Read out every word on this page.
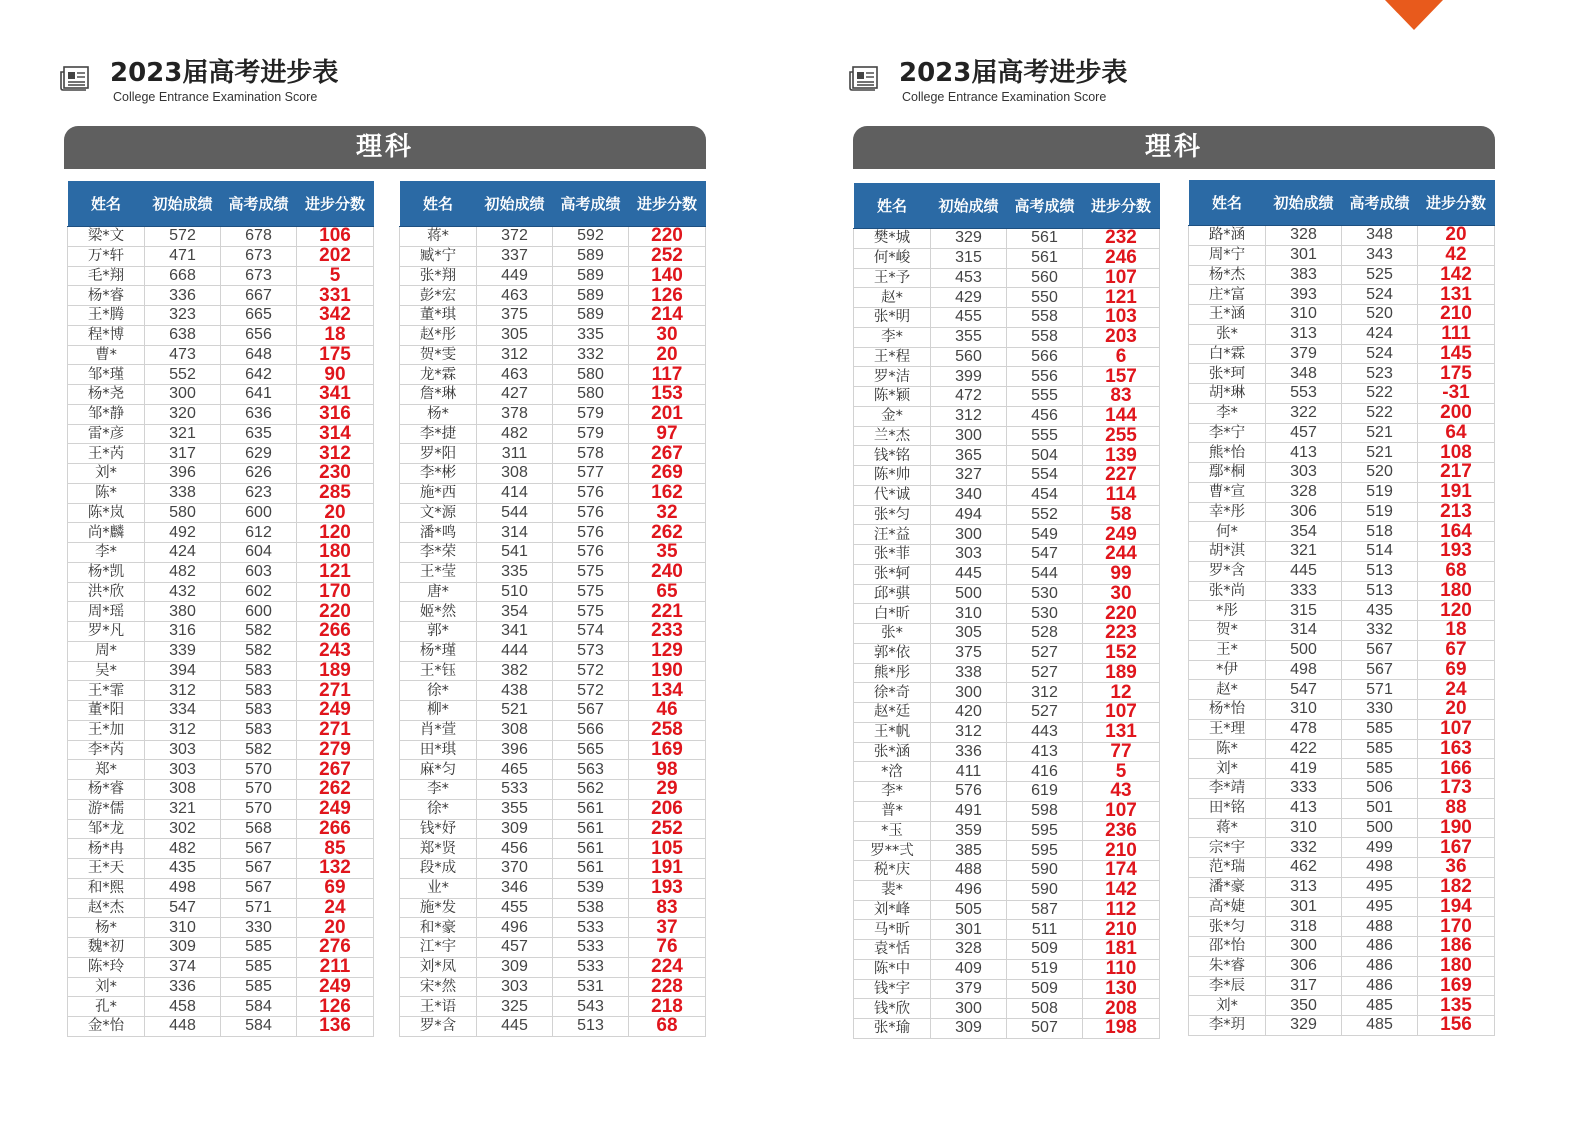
2023届高考进步表
College Entrance Examination Score
理科
姓名	初始成绩	高考成绩	进步分数
梁*文	572	678	106
万*轩	471	673	202
毛*翔	668	673	5
杨*睿	336	667	331
王*腾	323	665	342
程*博	638	656	18
曹*	473	648	175
邹*瑾	552	642	90
杨*尧	300	641	341
邹*静	320	636	316
雷*彦	321	635	314
王*芮	317	629	312
刘*	396	626	230
陈*	338	623	285
陈*岚	580	600	20
尚*麟	492	612	120
李*	424	604	180
杨*凯	482	603	121
洪*欣	432	602	170
周*瑶	380	600	220
罗*凡	316	582	266
周*	339	582	243
吴*	394	583	189
王*霏	312	583	271
董*阳	334	583	249
王*加	312	583	271
李*芮	303	582	279
郑*	303	570	267
杨*睿	308	570	262
游*儒	321	570	249
邹*龙	302	568	266
杨*冉	482	567	85
王*天	435	567	132
和*熙	498	567	69
赵*杰	547	571	24
杨*	310	330	20
魏*初	309	585	276
陈*玲	374	585	211
刘*	336	585	249
孔*	458	584	126
金*怡	448	584	136
姓名	初始成绩	高考成绩	进步分数
蒋*	372	592	220
臧*宁	337	589	252
张*翔	449	589	140
彭*宏	463	589	126
董*琪	375	589	214
赵*彤	305	335	30
贺*雯	312	332	20
龙*霖	463	580	117
詹*琳	427	580	153
杨*	378	579	201
李*捷	482	579	97
罗*阳	311	578	267
李*彬	308	577	269
施*西	414	576	162
文*源	544	576	32
潘*鸣	314	576	262
李*荣	541	576	35
王*莹	335	575	240
唐*	510	575	65
姬*然	354	575	221
郭*	341	574	233
杨*瑾	444	573	129
王*钰	382	572	190
徐*	438	572	134
柳*	521	567	46
肖*萱	308	566	258
田*琪	396	565	169
麻*匀	465	563	98
李*	533	562	29
徐*	355	561	206
钱*妤	309	561	252
郑*贤	456	561	105
段*成	370	561	191
业*	346	539	193
施*发	455	538	83
和*豪	496	533	37
江*宇	457	533	76
刘*凤	309	533	224
宋*然	303	531	228
王*语	325	543	218
罗*含	445	513	68
2023届高考进步表
College Entrance Examination Score
理科
姓名	初始成绩	高考成绩	进步分数
樊*城	329	561	232
何*峻	315	561	246
王*予	453	560	107
赵*	429	550	121
张*明	455	558	103
李*	355	558	203
王*程	560	566	6
罗*洁	399	556	157
陈*颖	472	555	83
金*	312	456	144
兰*杰	300	555	255
钱*铭	365	504	139
陈*帅	327	554	227
代*诚	340	454	114
张*匀	494	552	58
汪*益	300	549	249
张*菲	303	547	244
张*轲	445	544	99
邱*骐	500	530	30
白*昕	310	530	220
张*	305	528	223
郭*依	375	527	152
熊*彤	338	527	189
徐*奇	300	312	12
赵*廷	420	527	107
王*帆	312	443	131
张*涵	336	413	77
*浛	411	416	5
李*	576	619	43
普*	491	598	107
*玉	359	595	236
罗**弍	385	595	210
税*庆	488	590	174
裴*	496	590	142
刘*峰	505	587	112
马*昕	301	511	210
袁*恬	328	509	181
陈*中	409	519	110
钱*宇	379	509	130
钱*欣	300	508	208
张*瑜	309	507	198
姓名	初始成绩	高考成绩	进步分数
路*涵	328	348	20
周*宁	301	343	42
杨*杰	383	525	142
庄*富	393	524	131
王*涵	310	520	210
张*	313	424	111
白*霖	379	524	145
张*珂	348	523	175
胡*琳	553	522	-31
李*	322	522	200
李*宁	457	521	64
熊*怡	413	521	108
鄢*桐	303	520	217
曹*宣	328	519	191
幸*彤	306	519	213
何*	354	518	164
胡*淇	321	514	193
罗*含	445	513	68
张*尚	333	513	180
*彤	315	435	120
贺*	314	332	18
王*	500	567	67
*伊	498	567	69
赵*	547	571	24
杨*怡	310	330	20
王*理	478	585	107
陈*	422	585	163
刘*	419	585	166
李*靖	333	506	173
田*铭	413	501	88
蒋*	310	500	190
宗*宇	332	499	167
范*瑞	462	498	36
潘*豪	313	495	182
高*婕	301	495	194
张*匀	318	488	170
邵*怡	300	486	186
朱*睿	306	486	180
李*辰	317	486	169
刘*	350	485	135
李*玥	329	485	156
